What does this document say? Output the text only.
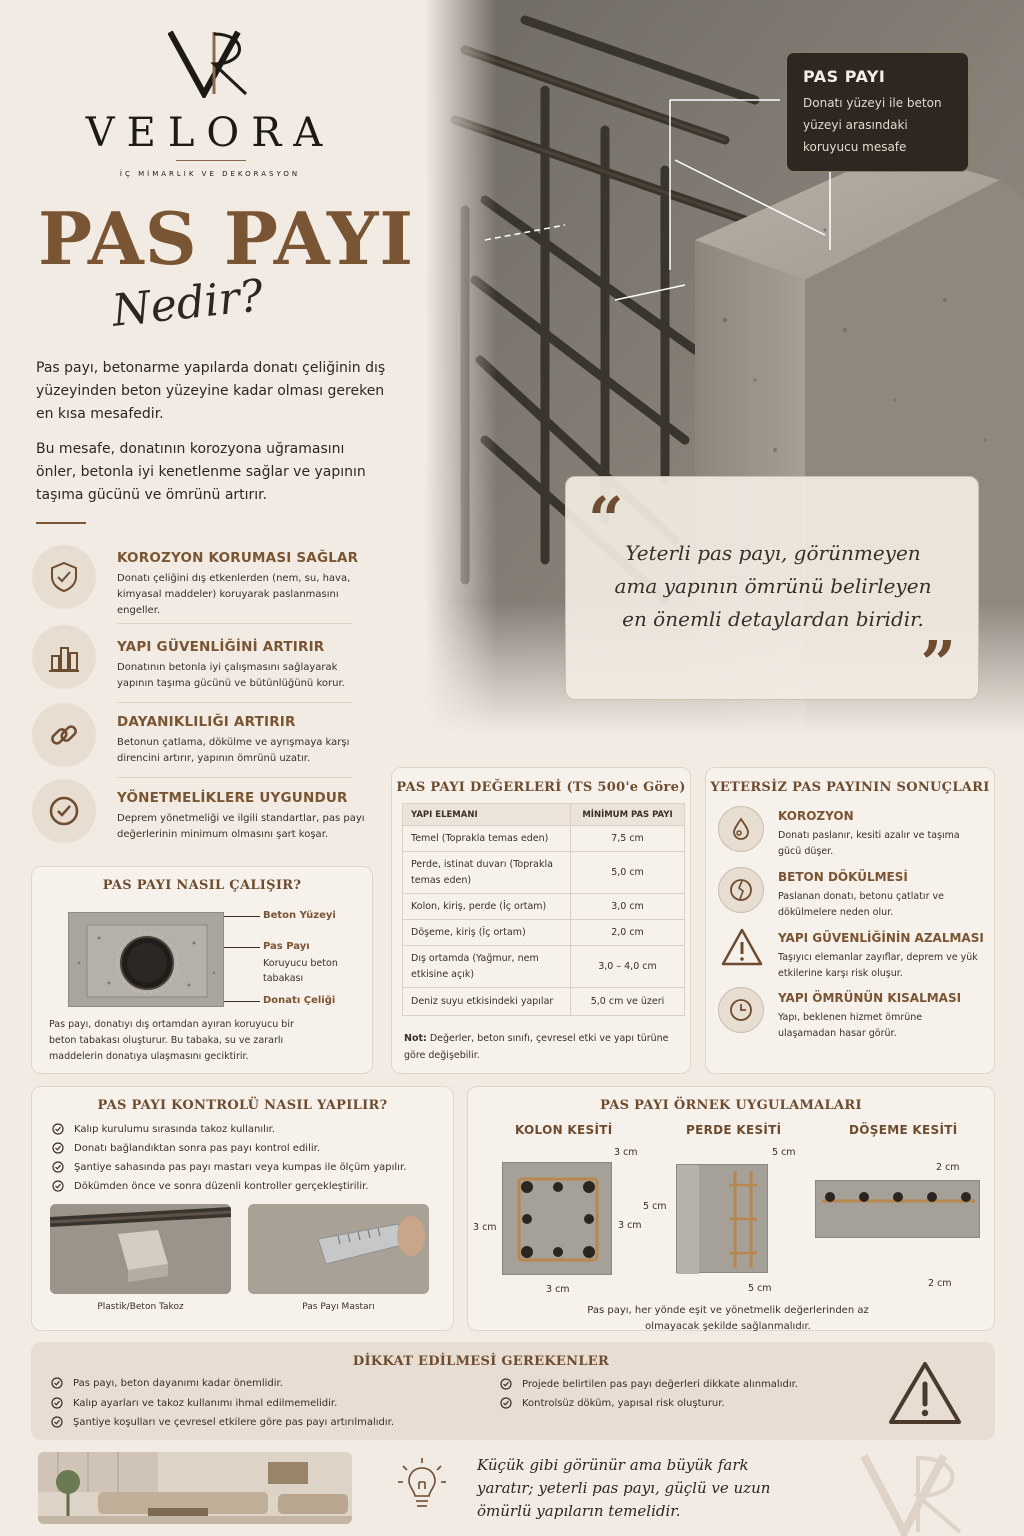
PAS PAYI
Donatı yüzeyi ile beton yüzeyi arasındaki koruyucu mesafe
“ Yeterli pas payı, görünmeyen ama yapının ömrünü belirleyen en önemli detaylardan biridir.
”
VELORA
İÇ MİMARLIK VE DEKORASYON
PAS PAYI
Nedir?
Pas payı, betonarme yapılarda donatı çeliğinin dış yüzeyinden beton yüzeyine kadar olması gereken en kısa mesafedir.
Bu mesafe, donatının korozyona uğramasını önler, betonla iyi kenetlenme sağlar ve yapının taşıma gücünü ve ömrünü artırır.
KOROZYON KORUMASI SAĞLAR
Donatı çeliğini dış etkenlerden (nem, su, hava, kimyasal maddeler) koruyarak paslanmasını engeller.
YAPI GÜVENLİĞİNİ ARTIRIR
Donatının betonla iyi çalışmasını sağlayarak yapının taşıma gücünü ve bütünlüğünü korur.
DAYANIKLILIĞI ARTIRIR
Betonun çatlama, dökülme ve ayrışmaya karşı direncini artırır, yapının ömrünü uzatır.
YÖNETMELİKLERE UYGUNDUR
Deprem yönetmeliği ve ilgili standartlar, pas payı değerlerinin minimum olmasını şart koşar.
PAS PAYI NASIL ÇALIŞIR?
Beton Yüzeyi
Pas Payı
Koruyucu beton tabakası
Donatı Çeliği
Pas payı, donatıyı dış ortamdan ayıran koruyucu bir beton tabakası oluşturur. Bu tabaka, su ve zararlı maddelerin donatıya ulaşmasını geciktirir.
PAS PAYI DEĞERLERİ (TS 500'e Göre)
YAPI ELEMANI	MİNİMUM PAS PAYI
Temel (Toprakla temas eden)	7,5 cm
Perde, istinat duvarı (Toprakla temas eden)	5,0 cm
Kolon, kiriş, perde (İç ortam)	3,0 cm
Döşeme, kiriş (İç ortam)	2,0 cm
Dış ortamda (Yağmur, nem etkisine açık)	3,0 – 4,0 cm
Deniz suyu etkisindeki yapılar	5,0 cm ve üzeri
Not: Değerler, beton sınıfı, çevresel etki ve yapı türüne göre değişebilir.
YETERSİZ PAS PAYININ SONUÇLARI
KOROZYON
Donatı paslanır, kesiti azalır ve taşıma gücü düşer.
BETON DÖKÜLMESİ
Paslanan donatı, betonu çatlatır ve dökülmelere neden olur.
YAPI GÜVENLİĞİNİN AZALMASI
Taşıyıcı elemanlar zayıflar, deprem ve yük etkilerine karşı risk oluşur.
YAPI ÖMRÜNÜN KISALMASI
Yapı, beklenen hizmet ömrüne ulaşamadan hasar görür.
PAS PAYI KONTROLÜ NASIL YAPILIR?
Kalıp kurulumu sırasında takoz kullanılır.
Donatı bağlandıktan sonra pas payı kontrol edilir.
Şantiye sahasında pas payı mastarı veya kumpas ile ölçüm yapılır.
Dökümden önce ve sonra düzenli kontroller gerçekleştirilir.
Plastik/Beton Takoz	Pas Payı Mastarı
PAS PAYI ÖRNEK UYGULAMALARI
KOLON KESİTİ
3 cm
3 cm	3 cm
3 cm
PERDE KESİTİ
5 cm
5 cm
5 cm
DÖŞEME KESİTİ
2 cm
2 cm
Pas payı, her yönde eşit ve yönetmelik değerlerinden az olmayacak şekilde sağlanmalıdır.
DİKKAT EDİLMESİ GEREKENLER
Pas payı, beton dayanımı kadar önemlidir.
Kalıp ayarları ve takoz kullanımı ihmal edilmemelidir.
Şantiye koşulları ve çevresel etkilere göre pas payı artırılmalıdır.
Projede belirtilen pas payı değerleri dikkate alınmalıdır.
Kontrolsüz döküm, yapısal risk oluşturur.
Küçük gibi görünür ama büyük fark yaratır; yeterli pas payı, güçlü ve uzun ömürlü yapıların temelidir.
